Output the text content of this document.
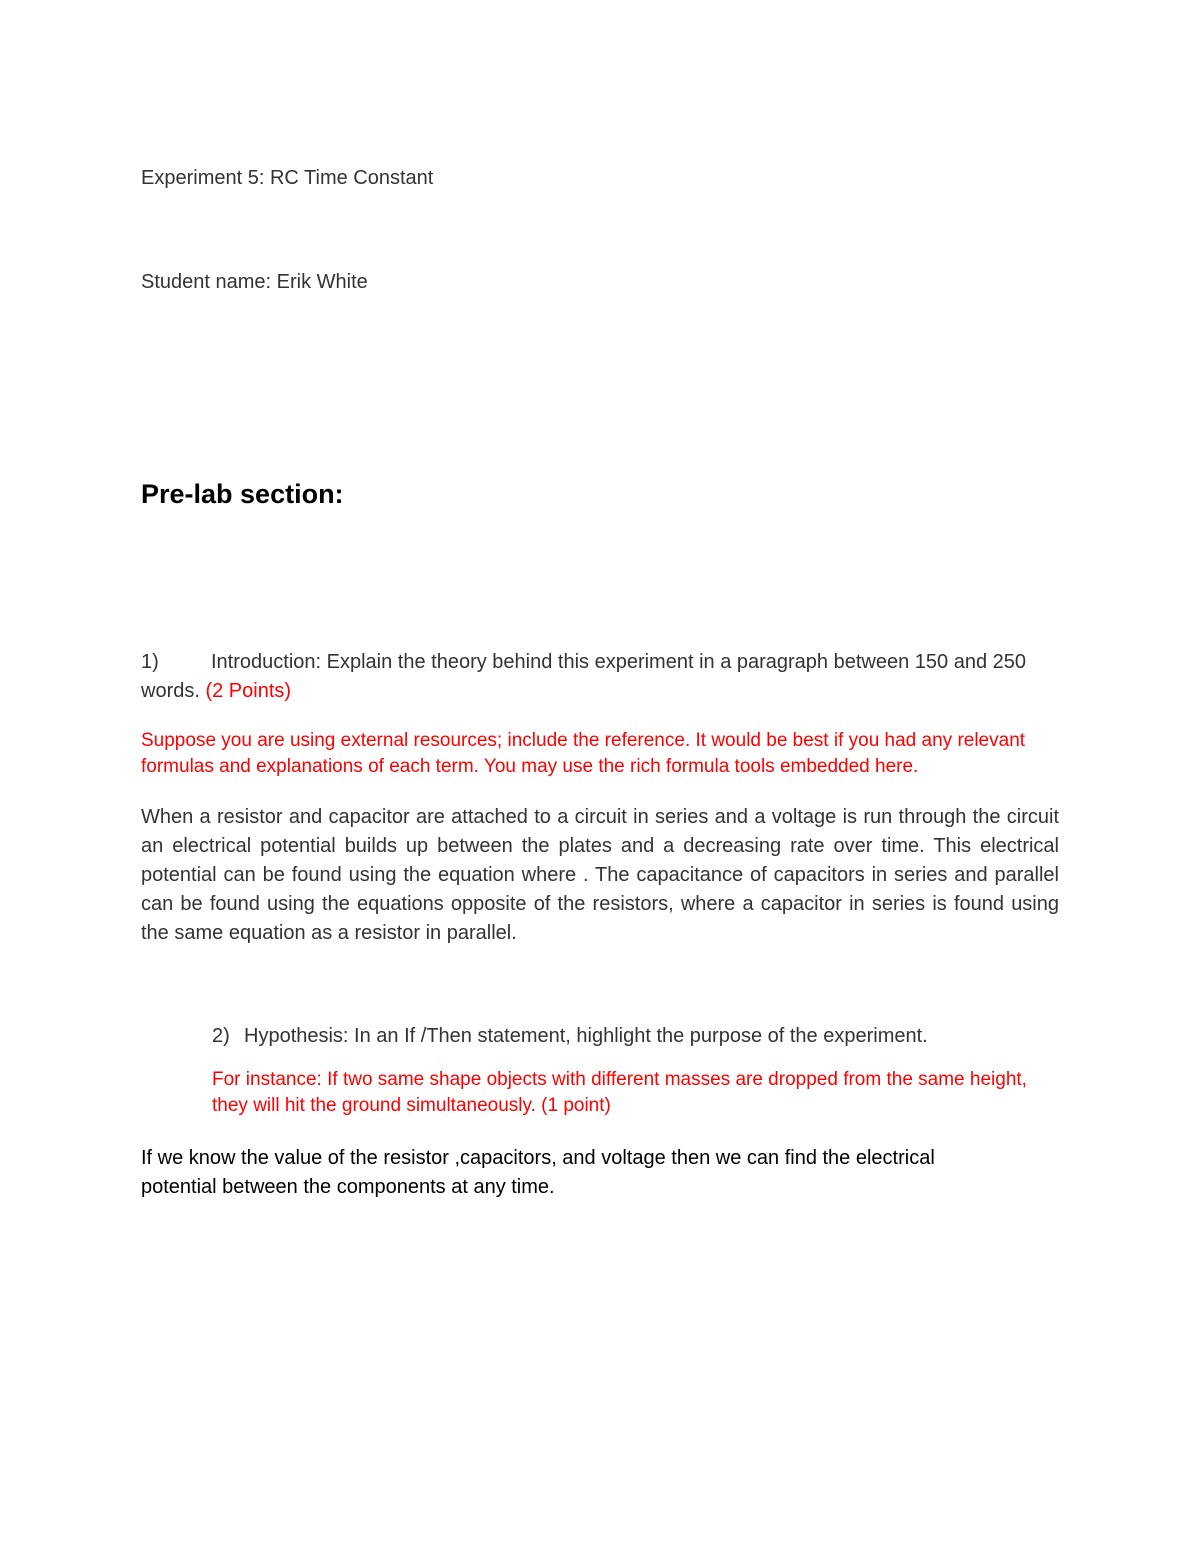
Experiment 5: RC Time Constant

Student name: Erik White

Pre-lab section:

1)	Introduction: Explain the theory behind this experiment in a paragraph between 150 and 250 words. (2 Points)

Suppose you are using external resources; include the reference. It would be best if you had any relevant formulas and explanations of each term. You may use the rich formula tools embedded here.

When a resistor and capacitor are attached to a circuit in series and a voltage is run through the circuit an electrical potential builds up between the plates and a decreasing rate over time. This electrical potential can be found using the equation where . The capacitance of capacitors in series and parallel can be found using the equations opposite of the resistors, where a capacitor in series is found using the same equation as a resistor in parallel.

2) Hypothesis: In an If /Then statement, highlight the purpose of the experiment.

For instance: If two same shape objects with different masses are dropped from the same height, they will hit the ground simultaneously. (1 point)

If we know the value of the resistor ,capacitors, and voltage then we can find the electrical potential between the components at any time.
